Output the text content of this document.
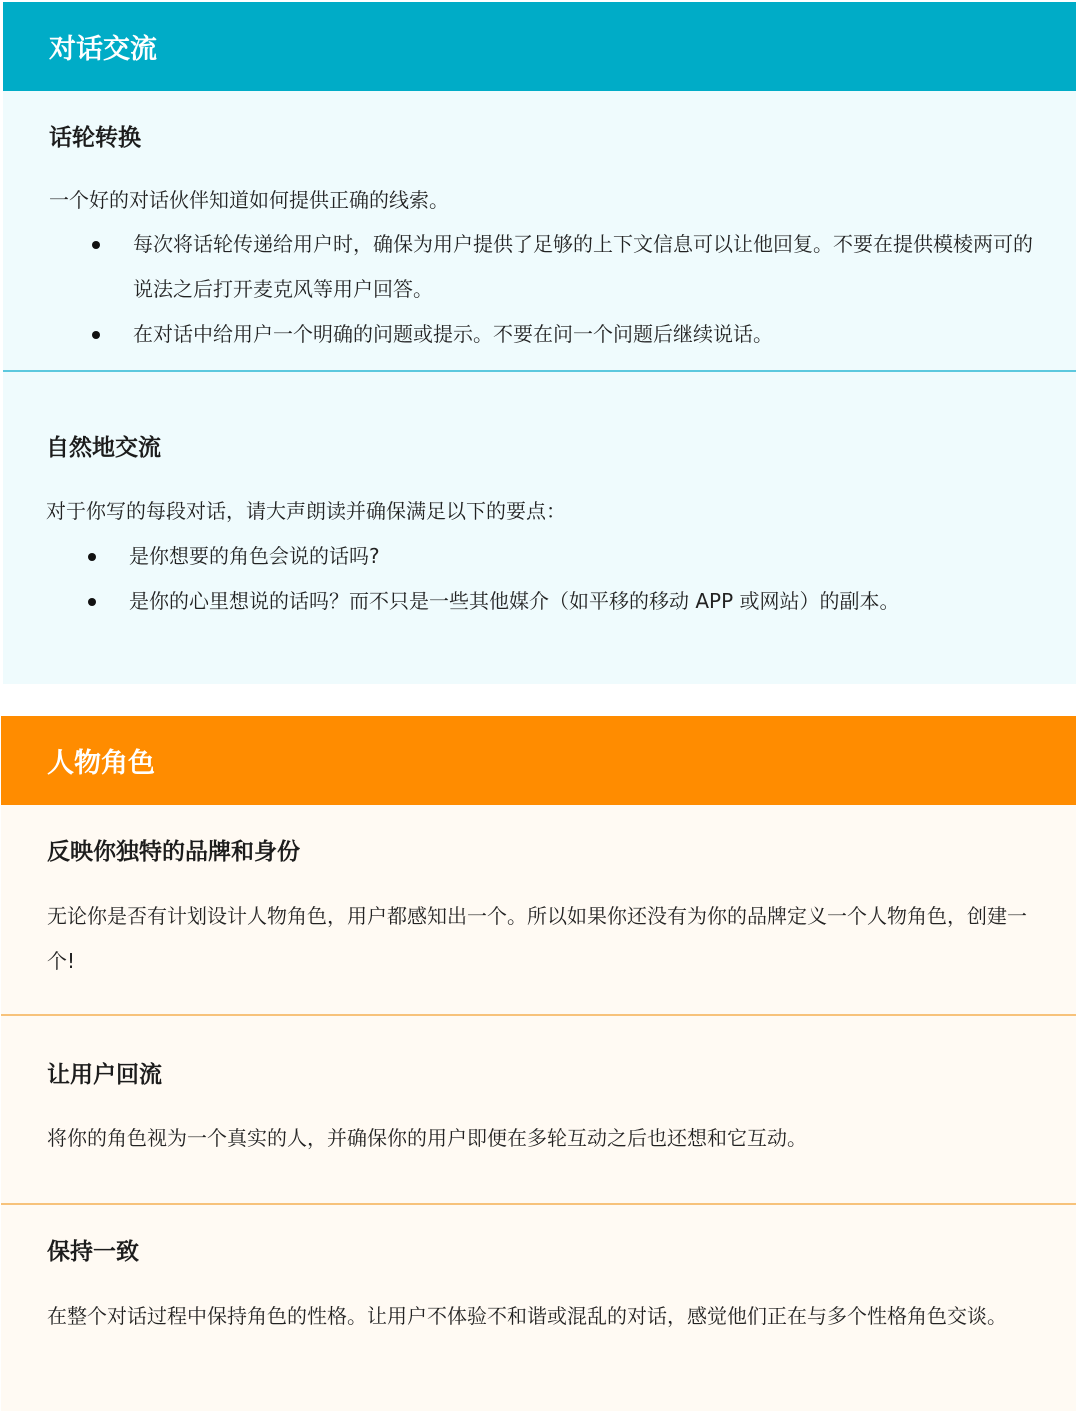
对话交流
话轮转换
一个好的对话伙伴知道如何提供正确的线索。
每次将话轮传递给用户时，确保为用户提供了足够的上下文信息可以让他回复。不要在提供模棱两可的说法之后打开麦克风等用户回答。
在对话中给用户一个明确的问题或提示。不要在问一个问题后继续说话。
自然地交流
对于你写的每段对话，请大声朗读并确保满足以下的要点：
是你想要的角色会说的话吗?
是你的心里想说的话吗？而不只是一些其他媒介（如平移的移动 APP 或网站）的副本。
人物角色
反映你独特的品牌和身份
无论你是否有计划设计人物角色，用户都感知出一个。所以如果你还没有为你的品牌定义一个人物角色，创建一个!
让用户回流
将你的角色视为一个真实的人，并确保你的用户即便在多轮互动之后也还想和它互动。
保持一致
在整个对话过程中保持角色的性格。让用户不体验不和谐或混乱的对话，感觉他们正在与多个性格角色交谈。
